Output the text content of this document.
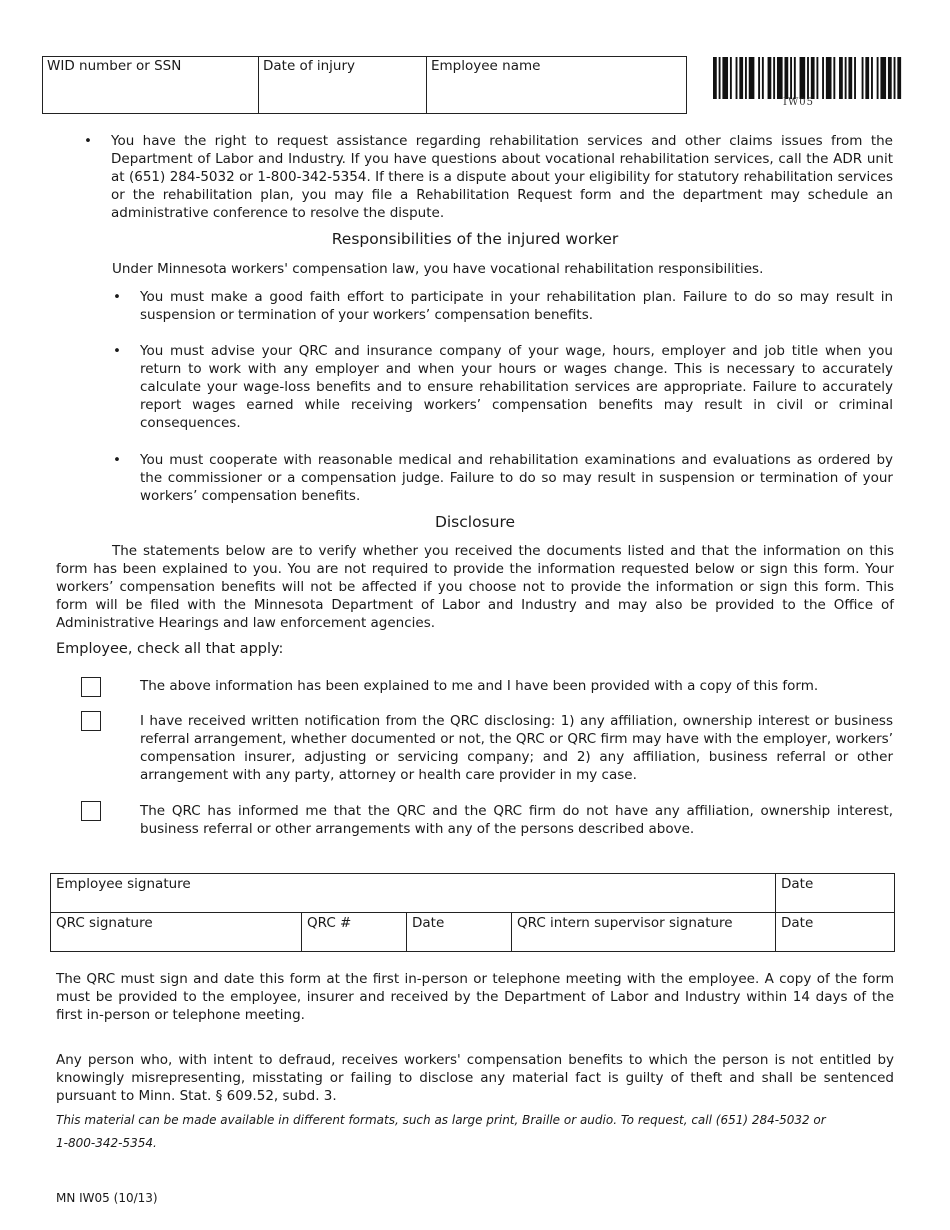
WID number or SSN	Date of injury	Employee name
IW05
• You have the right to request assistance regarding rehabilitation services and other claims issues from the Department of Labor and Industry. If you have questions about vocational rehabilitation services, call the ADR unit at (651) 284-5032 or 1-800-342-5354. If there is a dispute about your eligibility for statutory rehabilitation services or the rehabilitation plan, you may file a Rehabilitation Request form and the department may schedule an administrative conference to resolve the dispute.
Responsibilities of the injured worker
Under Minnesota workers' compensation law, you have vocational rehabilitation responsibilities.
• You must make a good faith effort to participate in your rehabilitation plan. Failure to do so may result in suspension or termination of your workers’ compensation benefits.
• You must advise your QRC and insurance company of your wage, hours, employer and job title when you return to work with any employer and when your hours or wages change. This is necessary to accurately calculate your wage-loss benefits and to ensure rehabilitation services are appropriate. Failure to accurately report wages earned while receiving workers’ compensation benefits may result in civil or criminal consequences.
• You must cooperate with reasonable medical and rehabilitation examinations and evaluations as ordered by the commissioner or a compensation judge. Failure to do so may result in suspension or termination of your workers’ compensation benefits.
Disclosure
The statements below are to verify whether you received the documents listed and that the information on this form has been explained to you. You are not required to provide the information requested below or sign this form. Your workers’ compensation benefits will not be affected if you choose not to provide the information or sign this form. This form will be filed with the Minnesota Department of Labor and Industry and may also be provided to the Office of Administrative Hearings and law enforcement agencies.
Employee, check all that apply:
The above information has been explained to me and I have been provided with a copy of this form.
I have received written notification from the QRC disclosing: 1) any affiliation, ownership interest or business referral arrangement, whether documented or not, the QRC or QRC firm may have with the employer, workers’ compensation insurer, adjusting or servicing company; and 2) any affiliation, business referral or other arrangement with any party, attorney or health care provider in my case.
The QRC has informed me that the QRC and the QRC firm do not have any affiliation, ownership interest, business referral or other arrangements with any of the persons described above.
Employee signature				Date
QRC signature	QRC #	Date	QRC intern supervisor signature	Date
The QRC must sign and date this form at the first in-person or telephone meeting with the employee. A copy of the form must be provided to the employee, insurer and received by the Department of Labor and Industry within 14 days of the first in-person or telephone meeting.
Any person who, with intent to defraud, receives workers' compensation benefits to which the person is not entitled by knowingly misrepresenting, misstating or failing to disclose any material fact is guilty of theft and shall be sentenced pursuant to Minn. Stat. § 609.52, subd. 3.
This material can be made available in different formats, such as large print, Braille or audio. To request, call (651) 284-5032 or
1-800-342-5354.
MN IW05 (10/13)
